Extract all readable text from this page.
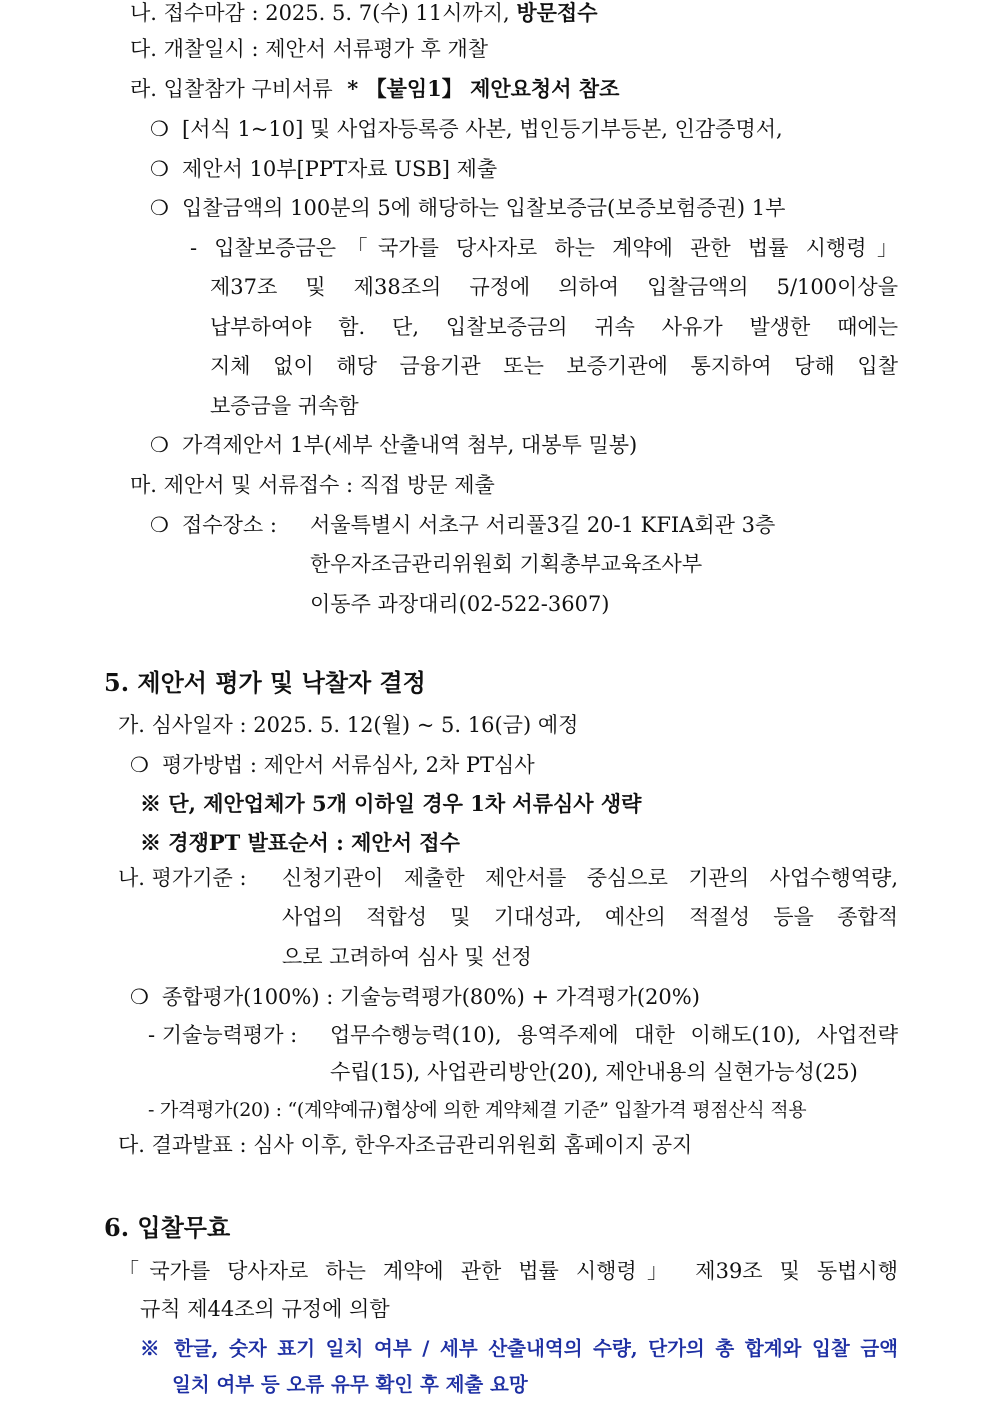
나. 접수마감 : 2025. 5. 7(수) 11시까지, 방문접수
다. 개찰일시 : 제안서 서류평가 후 개찰
라. 입찰참가 구비서류 * 【붙임1】 제안요청서 참조
❍ [서식 1~10] 및 사업자등록증 사본, 법인등기부등본, 인감증명서,
❍ 제안서 10부[PPT자료 USB] 제출
❍ 입찰금액의 100분의 5에 해당하는 입찰보증금(보증보험증권) 1부
- 입찰보증금은「국가를 당사자로 하는 계약에 관한 법률 시행령」
제37조 및 제38조의 규정에 의하여 입찰금액의 5/100이상을
납부하여야 함. 단, 입찰보증금의 귀속 사유가 발생한 때에는
지체 없이 해당 금융기관 또는 보증기관에 통지하여 당해 입찰
보증금을 귀속함
❍ 가격제안서 1부(세부 산출내역 첨부, 대봉투 밀봉)
마. 제안서 및 서류접수 : 직접 방문 제출
❍ 접수장소 : 서울특별시 서초구 서리풀3길 20-1 KFIA회관 3층
한우자조금관리위원회 기획총부교육조사부
이동주 과장대리(02-522-3607)
5. 제안서 평가 및 낙찰자 결정
가. 심사일자 : 2025. 5. 12(월) ~ 5. 16(금) 예정
❍ 평가방법 : 제안서 서류심사, 2차 PT심사
※ 단, 제안업체가 5개 이하일 경우 1차 서류심사 생략
※ 경쟁PT 발표순서 : 제안서 접수
나. 평가기준 : 신청기관이 제출한 제안서를 중심으로 기관의 사업수행역량,
사업의 적합성 및 기대성과, 예산의 적절성 등을 종합적
으로 고려하여 심사 및 선정
❍ 종합평가(100%) : 기술능력평가(80%) + 가격평가(20%)
- 기술능력평가 : 업무수행능력(10), 용역주제에 대한 이해도(10), 사업전략
수립(15), 사업관리방안(20), 제안내용의 실현가능성(25)
- 가격평가(20) : “(계약예규)협상에 의한 계약체결 기준” 입찰가격 평점산식 적용
다. 결과발표 : 심사 이후, 한우자조금관리위원회 홈페이지 공지
6. 입찰무효
「국가를 당사자로 하는 계약에 관한 법률 시행령」 제39조 및 동법시행
규칙 제44조의 규정에 의함
※ 한글, 숫자 표기 일치 여부 / 세부 산출내역의 수량, 단가의 총 합계와 입찰 금액
일치 여부 등 오류 유무 확인 후 제출 요망
